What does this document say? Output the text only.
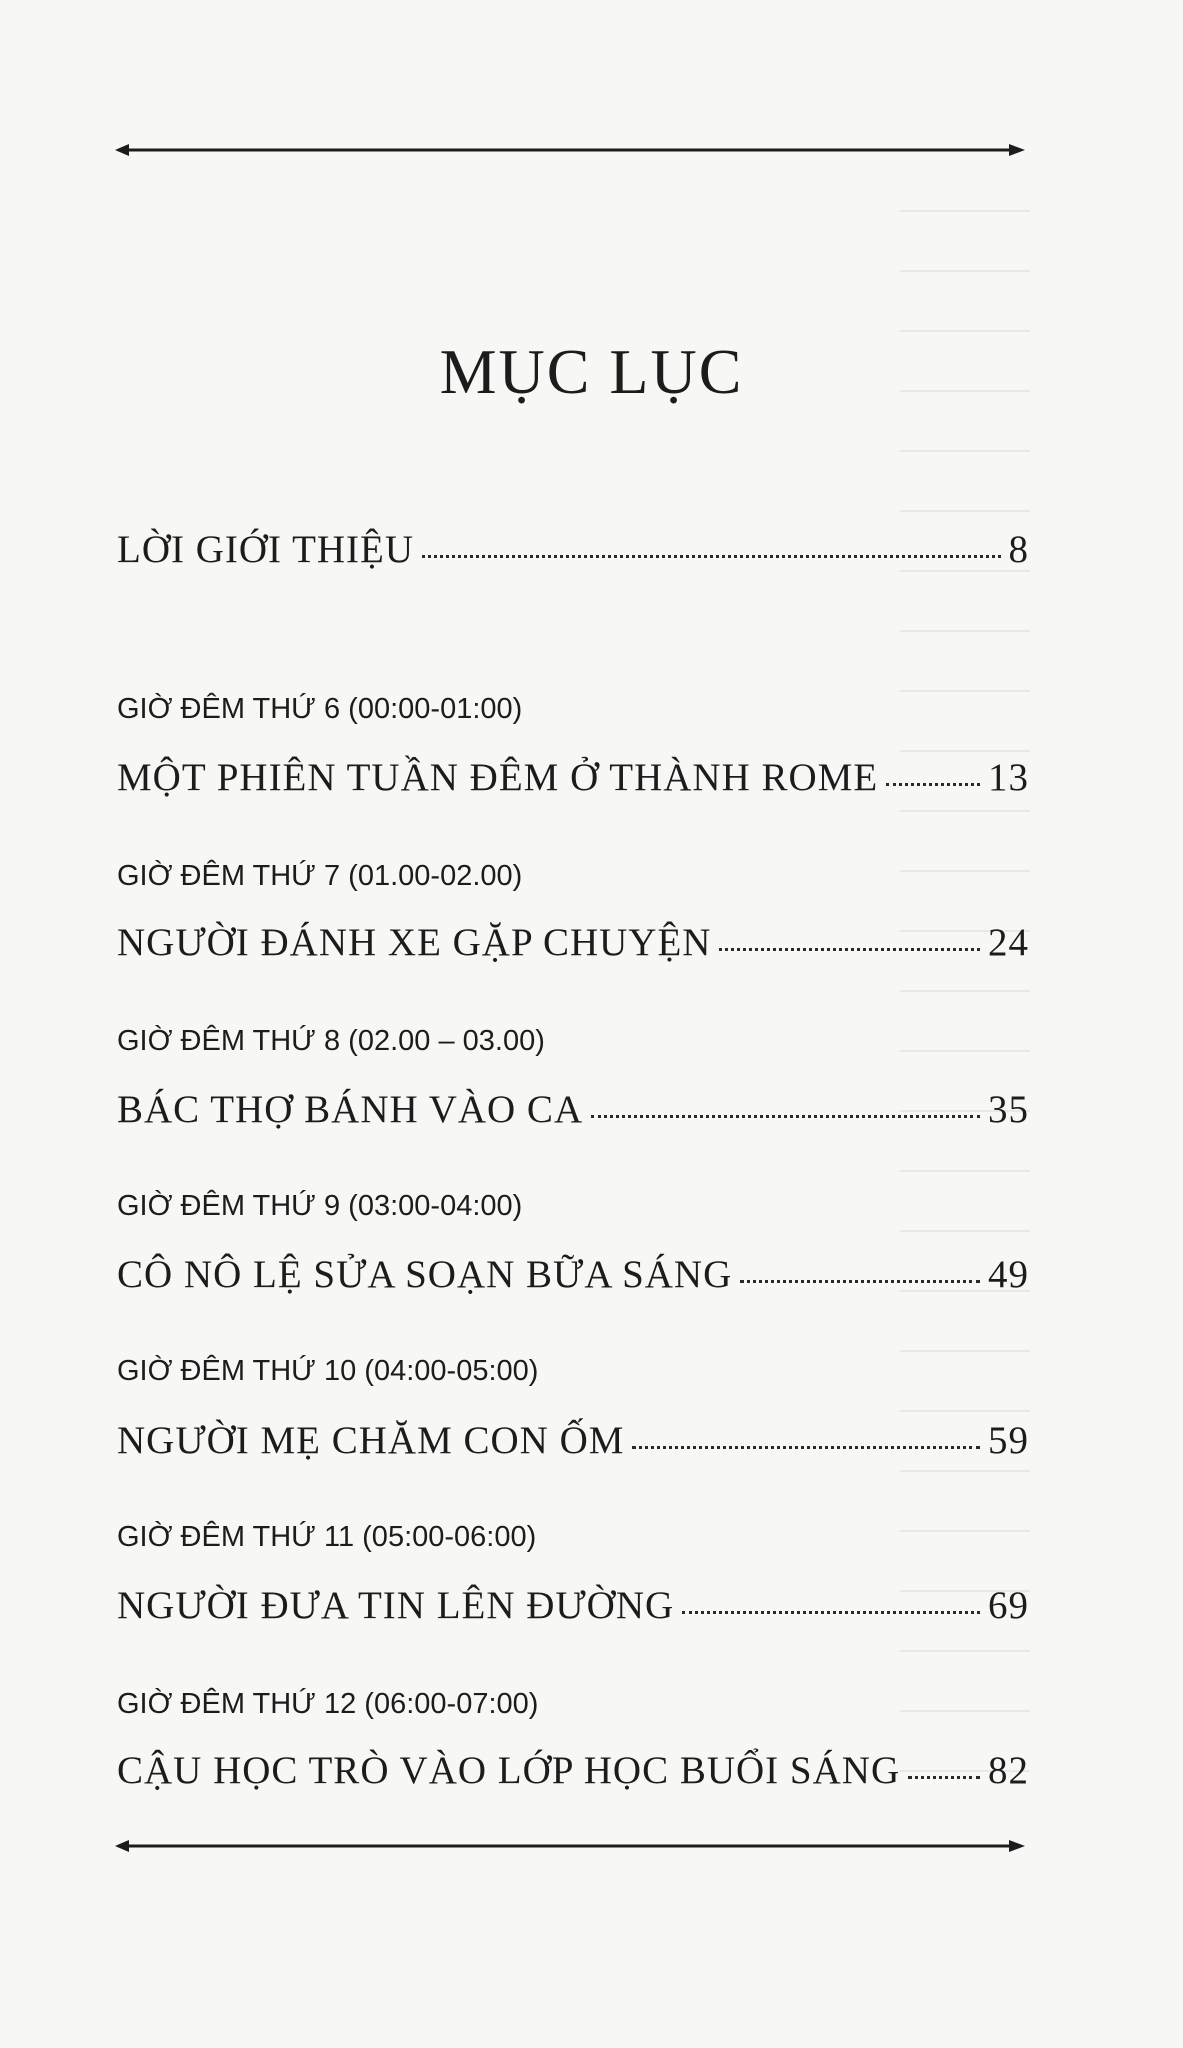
MỤC LỤC
LỜI GIỚI THIỆU	8
GIỜ ĐÊM THỨ 6 (00:00-01:00)
MỘT PHIÊN TUẦN ĐÊM Ở THÀNH ROME	13
GIỜ ĐÊM THỨ 7 (01.00-02.00)
NGƯỜI ĐÁNH XE GẶP CHUYỆN	24
GIỜ ĐÊM THỨ 8 (02.00 – 03.00)
BÁC THỢ BÁNH VÀO CA	35
GIỜ ĐÊM THỨ 9 (03:00-04:00)
CÔ NÔ LỆ SỬA SOẠN BỮA SÁNG	49
GIỜ ĐÊM THỨ 10 (04:00-05:00)
NGƯỜI MẸ CHĂM CON ỐM	59
GIỜ ĐÊM THỨ 11 (05:00-06:00)
NGƯỜI ĐƯA TIN LÊN ĐƯỜNG	69
GIỜ ĐÊM THỨ 12 (06:00-07:00)
CẬU HỌC TRÒ VÀO LỚP HỌC BUỔI SÁNG 82
